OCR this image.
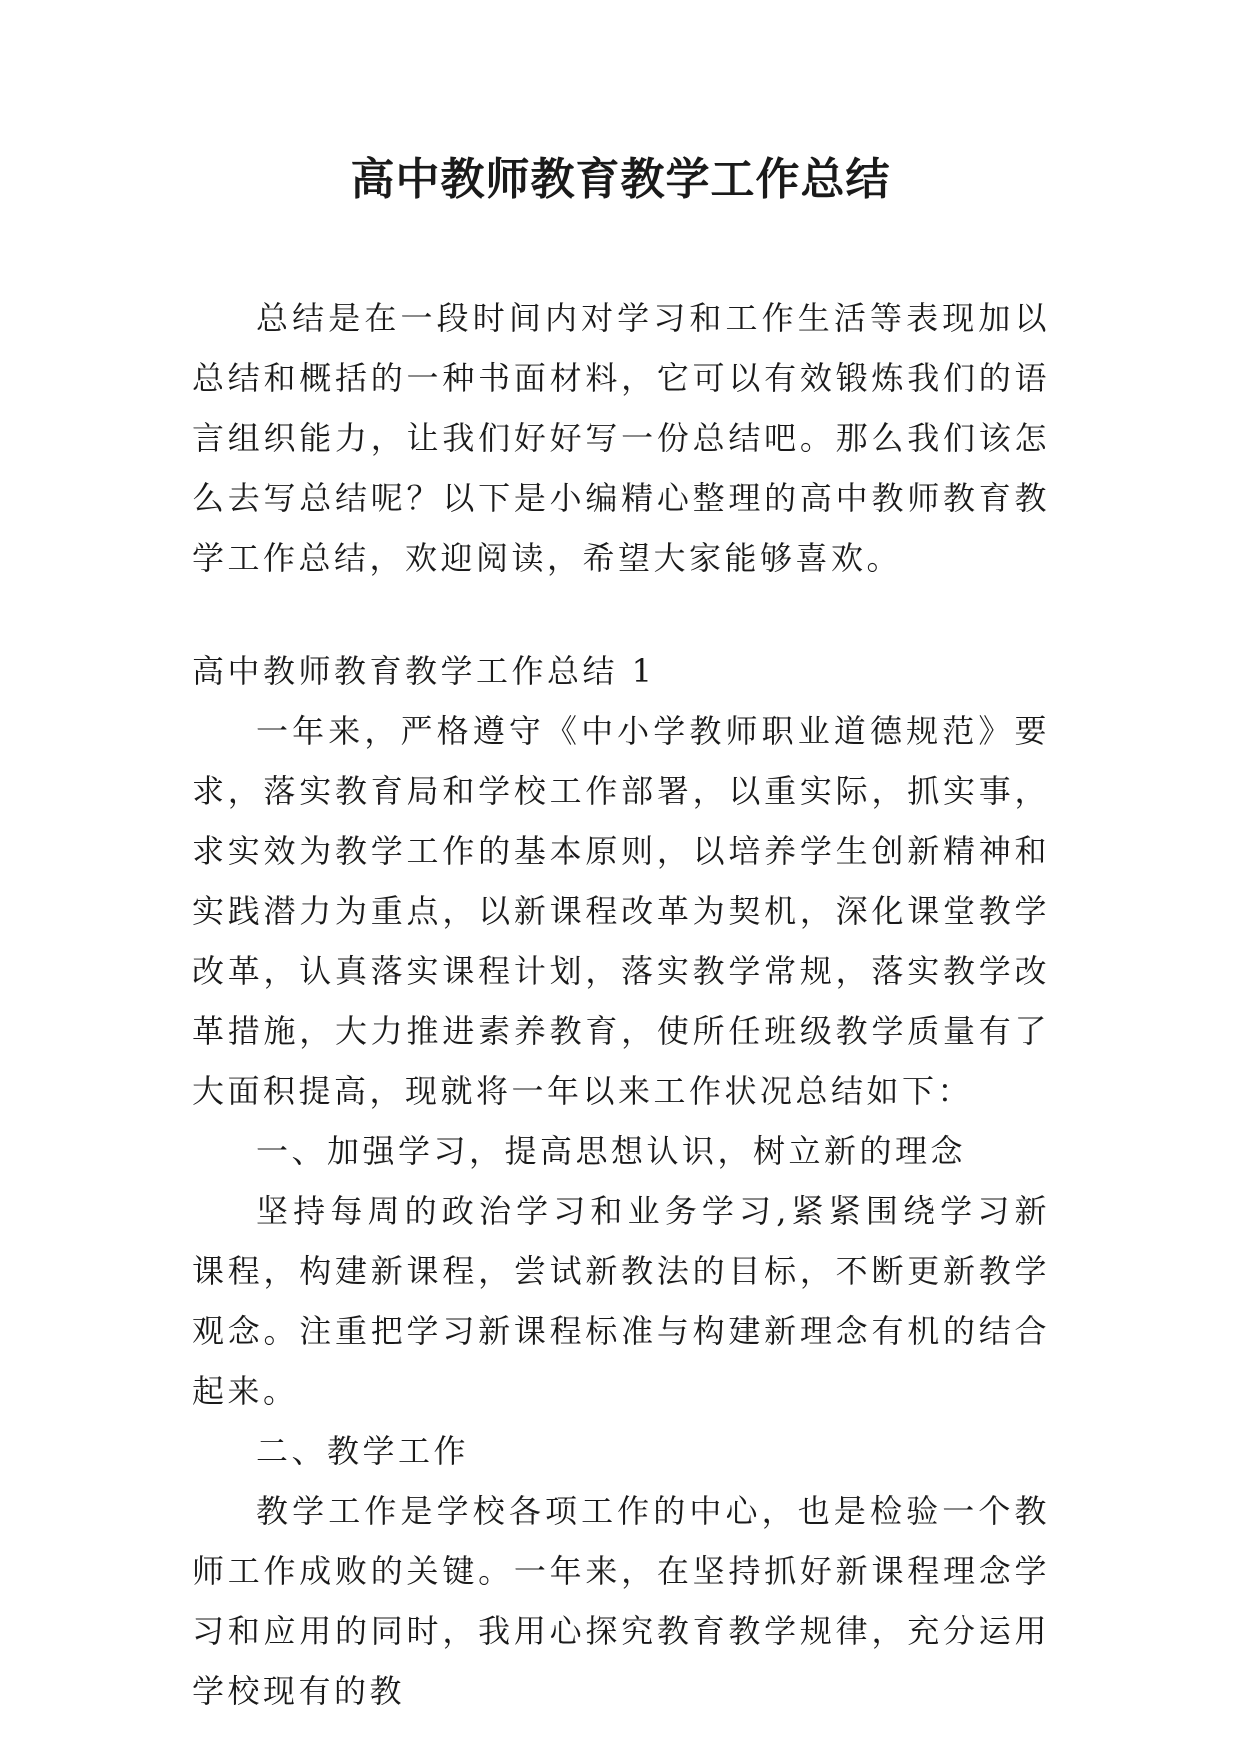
高中教师教育教学工作总结

总结是在一段时间内对学习和工作生活等表现加以总结和概括的一种书面材料，它可以有效锻炼我们的语言组织能力，让我们好好写一份总结吧。那么我们该怎么去写总结呢？以下是小编精心整理的高中教师教育教学工作总结，欢迎阅读，希望大家能够喜欢。

高中教师教育教学工作总结 1

一年来，严格遵守《中小学教师职业道德规范》要求，落实教育局和学校工作部署，以重实际，抓实事，求实效为教学工作的基本原则，以培养学生创新精神和实践潜力为重点，以新课程改革为契机，深化课堂教学改革，认真落实课程计划，落实教学常规，落实教学改革措施，大力推进素养教育，使所任班级教学质量有了大面积提高，现就将一年以来工作状况总结如下：

一、加强学习，提高思想认识，树立新的理念

坚持每周的政治学习和业务学习,紧紧围绕学习新课程，构建新课程，尝试新教法的目标，不断更新教学观念。注重把学习新课程标准与构建新理念有机的结合起来。

二、教学工作

教学工作是学校各项工作的中心，也是检验一个教师工作成败的关键。一年来，在坚持抓好新课程理念学习和应用的同时，我用心探究教育教学规律，充分运用学校现有的教
